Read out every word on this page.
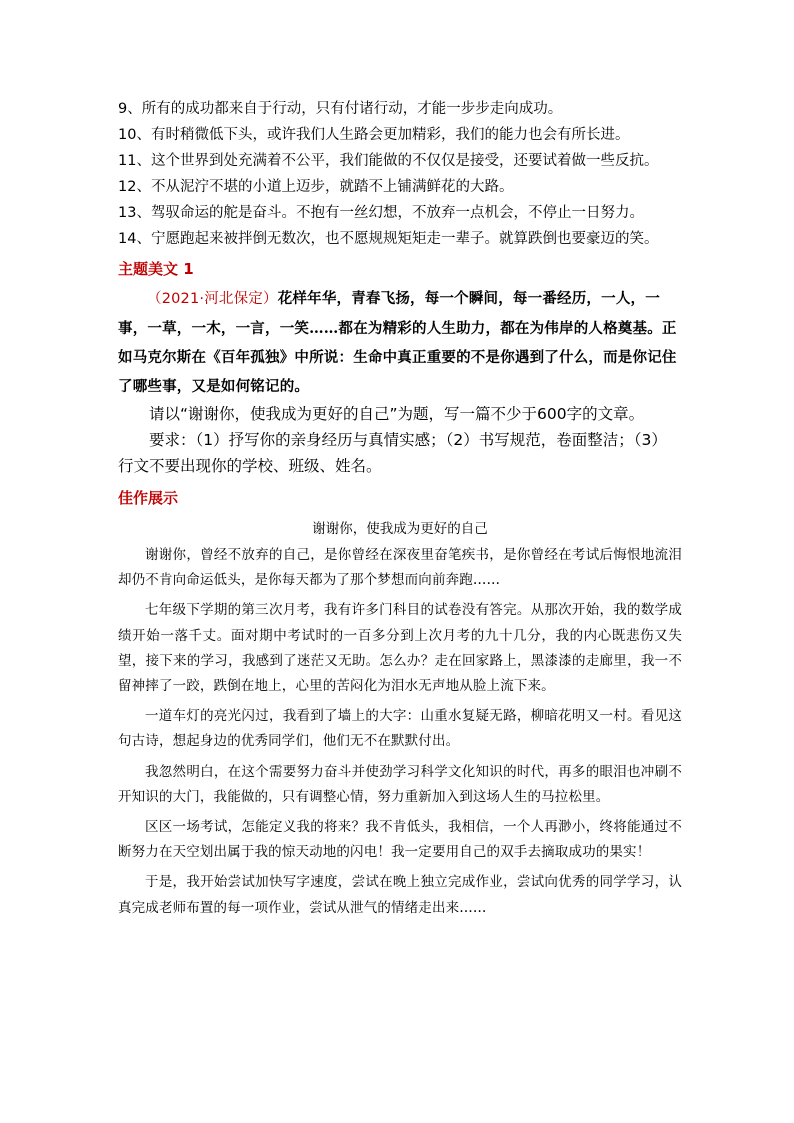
9、所有的成功都来自于行动，只有付诸行动，才能一步步走向成功。

10、有时稍微低下头，或许我们人生路会更加精彩，我们的能力也会有所长进。

11、这个世界到处充满着不公平，我们能做的不仅仅是接受，还要试着做一些反抗。

12、不从泥泞不堪的小道上迈步，就踏不上铺满鲜花的大路。

13、驾驭命运的舵是奋斗。不抱有一丝幻想，不放弃一点机会，不停止一日努力。

14、宁愿跑起来被拌倒无数次，也不愿规规矩矩走一辈子。就算跌倒也要豪迈的笑。

主题美文 1

（2021·河北保定）花样年华，青春飞扬，每一个瞬间，每一番经历，一人，一事，一草，一木，一言，一笑……都在为精彩的人生助力，都在为伟岸的人格奠基。正如马克尔斯在《百年孤独》中所说：生命中真正重要的不是你遇到了什么，而是你记住了哪些事，又是如何铭记的。

请以“谢谢你，使我成为更好的自己”为题，写一篇不少于600字的文章。

要求：（1）抒写你的亲身经历与真情实感；（2）书写规范，卷面整洁；（3）行文不要出现你的学校、班级、姓名。

佳作展示
谢谢你，使我成为更好的自己

谢谢你，曾经不放弃的自己，是你曾经在深夜里奋笔疾书，是你曾经在考试后悔恨地流泪却仍不肯向命运低头，是你每天都为了那个梦想而向前奔跑……

七年级下学期的第三次月考，我有许多门科目的试卷没有答完。从那次开始，我的数学成绩开始一落千丈。面对期中考试时的一百多分到上次月考的九十几分，我的内心既悲伤又失望，接下来的学习，我感到了迷茫又无助。怎么办？走在回家路上，黑漆漆的走廊里，我一不留神摔了一跤，跌倒在地上，心里的苦闷化为泪水无声地从脸上流下来。

一道车灯的亮光闪过，我看到了墙上的大字：山重水复疑无路，柳暗花明又一村。看见这句古诗，想起身边的优秀同学们，他们无不在默默付出。

我忽然明白，在这个需要努力奋斗并使劲学习科学文化知识的时代，再多的眼泪也冲刷不开知识的大门，我能做的，只有调整心情，努力重新加入到这场人生的马拉松里。

区区一场考试，怎能定义我的将来？我不肯低头，我相信，一个人再渺小，终将能通过不断努力在天空划出属于我的惊天动地的闪电！我一定要用自己的双手去摘取成功的果实！

于是，我开始尝试加快写字速度，尝试在晚上独立完成作业，尝试向优秀的同学学习，认真完成老师布置的每一项作业，尝试从泄气的情绪走出来……
